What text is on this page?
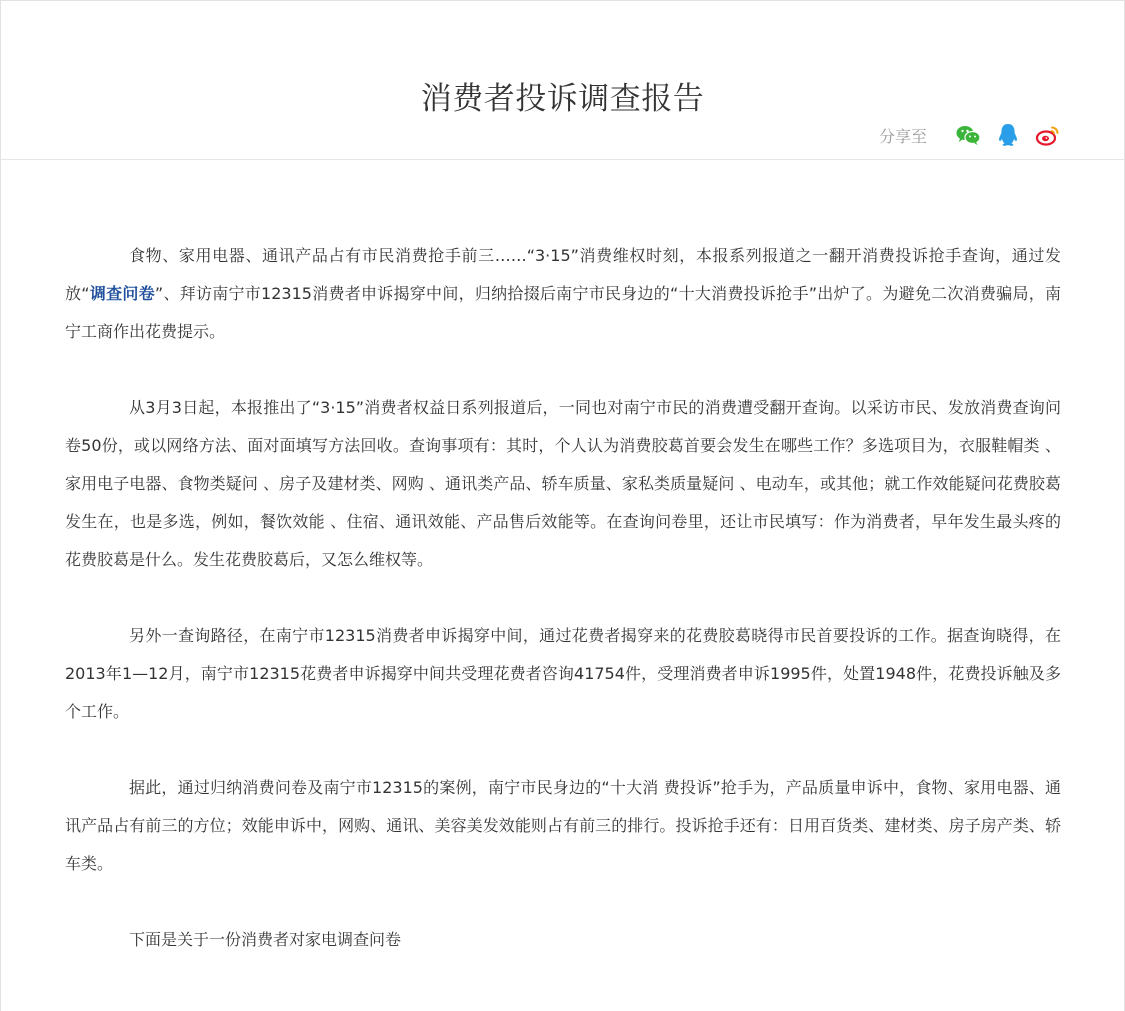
消费者投诉调查报告
分享至

食物、家用电器、通讯产品占有市民消费抢手前三……“3·15”消费维权时刻，本报系列报道之一翻开消费投诉抢手查询，通过发放“调查问卷”、拜访南宁市12315消费者申诉揭穿中间，归纳拾掇后南宁市民身边的“十大消费投诉抢手”出炉了。为避免二次消费骗局，南宁工商作出花费提示。

从3月3日起，本报推出了“3·15”消费者权益日系列报道后，一同也对南宁市民的消费遭受翻开查询。以采访市民、发放消费查询问卷50份，或以网络方法、面对面填写方法回收。查询事项有：其时，个人认为消费胶葛首要会发生在哪些工作？多选项目为，衣服鞋帽类 、家用电子电器、食物类疑问 、房子及建材类、网购 、通讯类产品、轿车质量、家私类质量疑问 、电动车，或其他；就工作效能疑问花费胶葛发生在，也是多选，例如，餐饮效能 、住宿、通讯效能、产品售后效能等。在查询问卷里，还让市民填写：作为消费者，早年发生最头疼的花费胶葛是什么。发生花费胶葛后，又怎么维权等。

另外一查询路径，在南宁市12315消费者申诉揭穿中间，通过花费者揭穿来的花费胶葛晓得市民首要投诉的工作。据查询晓得，在2013年1—12月，南宁市12315花费者申诉揭穿中间共受理花费者咨询41754件，受理消费者申诉1995件，处置1948件，花费投诉触及多个工作。

据此，通过归纳消费问卷及南宁市12315的案例，南宁市民身边的“十大消 费投诉”抢手为，产品质量申诉中，食物、家用电器、通讯产品占有前三的方位；效能申诉中，网购、通讯、美容美发效能则占有前三的排行。投诉抢手还有：日用百货类、建材类、房子房产类、轿车类。

下面是关于一份消费者对家电调查问卷
